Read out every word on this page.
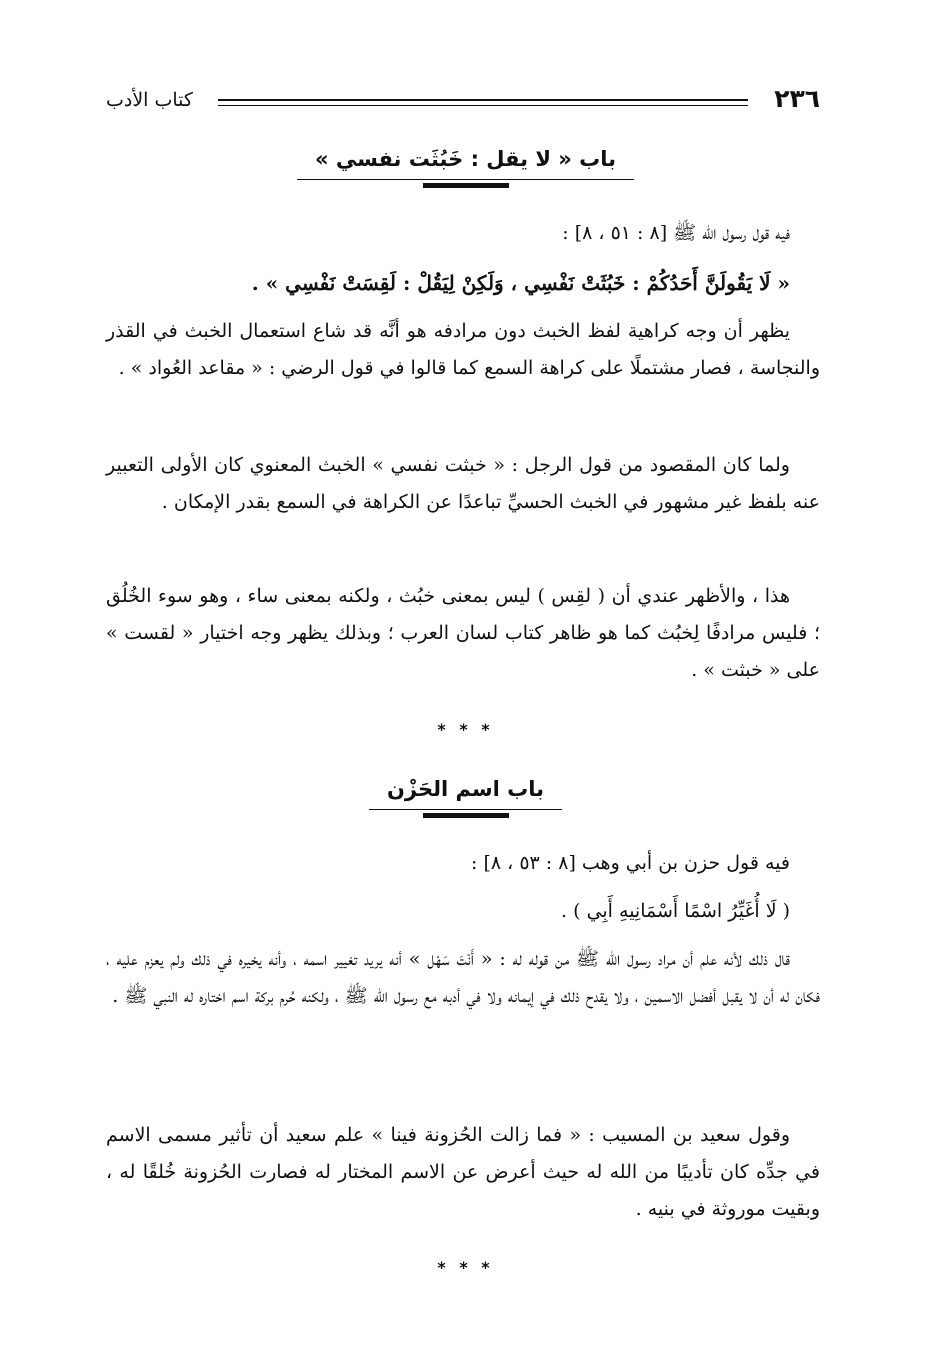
٢٣٦
كتاب الأدب
باب « لا يقل : خَبُثَت نفسي »
فيه قول رسول الله ﷺ [٨ : ٥١ ، ٨] :
« لَا يَقُولَنَّ أَحَدُكُمْ : خَبُثَتْ نَفْسِي ، وَلَكِنْ لِيَقُلْ : لَقِسَتْ نَفْسِي » .
يظهر أن وجه كراهية لفظ الخبث دون مرادفه هو أنَّه قد شاع استعمال الخبث في القذر والنجاسة ، فصار مشتملًا على كراهة السمع كما قالوا في قول الرضي : « مقاعد العُواد » .
ولما كان المقصود من قول الرجل : « خبثت نفسي » الخبث المعنوي كان الأولى التعبير عنه بلفظ غير مشهور في الخبث الحسيِّ تباعدًا عن الكراهة في السمع بقدر الإمكان .
هذا ، والأظهر عندي أن ( لقِس ) ليس بمعنى خبُث ، ولكنه بمعنى ساء ، وهو سوء الخُلُق ؛ فليس مرادفًا لِخبُث كما هو ظاهر كتاب لسان العرب ؛ وبذلك يظهر وجه اختيار « لقست » على « خبثت » .
* * *
باب اسم الحَزْن
فيه قول حزن بن أبي وهب [٨ : ٥٣ ، ٨] :
( لَا أُغَيِّرُ اسْمًا أَسْمَانِيهِ أَبِي ) .
قال ذلك لأنه علم أن مراد رسول الله ﷺ من قوله له : « أَنْتَ سَهْل » أنه يريد تغيير اسمه ، وأنه يخيره في ذلك ولم يعزم عليه ، فكان له أن لا يقبل أفضل الاسمين ، ولا يقدح ذلك في إيمانه ولا في أدبه مع رسول الله ﷺ ، ولكنه حُرم بركة اسم اختاره له النبي ﷺ .
وقول سعيد بن المسيب : « فما زالت الحُزونة فينا » علم سعيد أن تأثير مسمى الاسم في جدِّه كان تأديبًا من الله له حيث أعرض عن الاسم المختار له فصارت الحُزونة خُلقًا له ، وبقيت موروثة في بنيه .
* * *
